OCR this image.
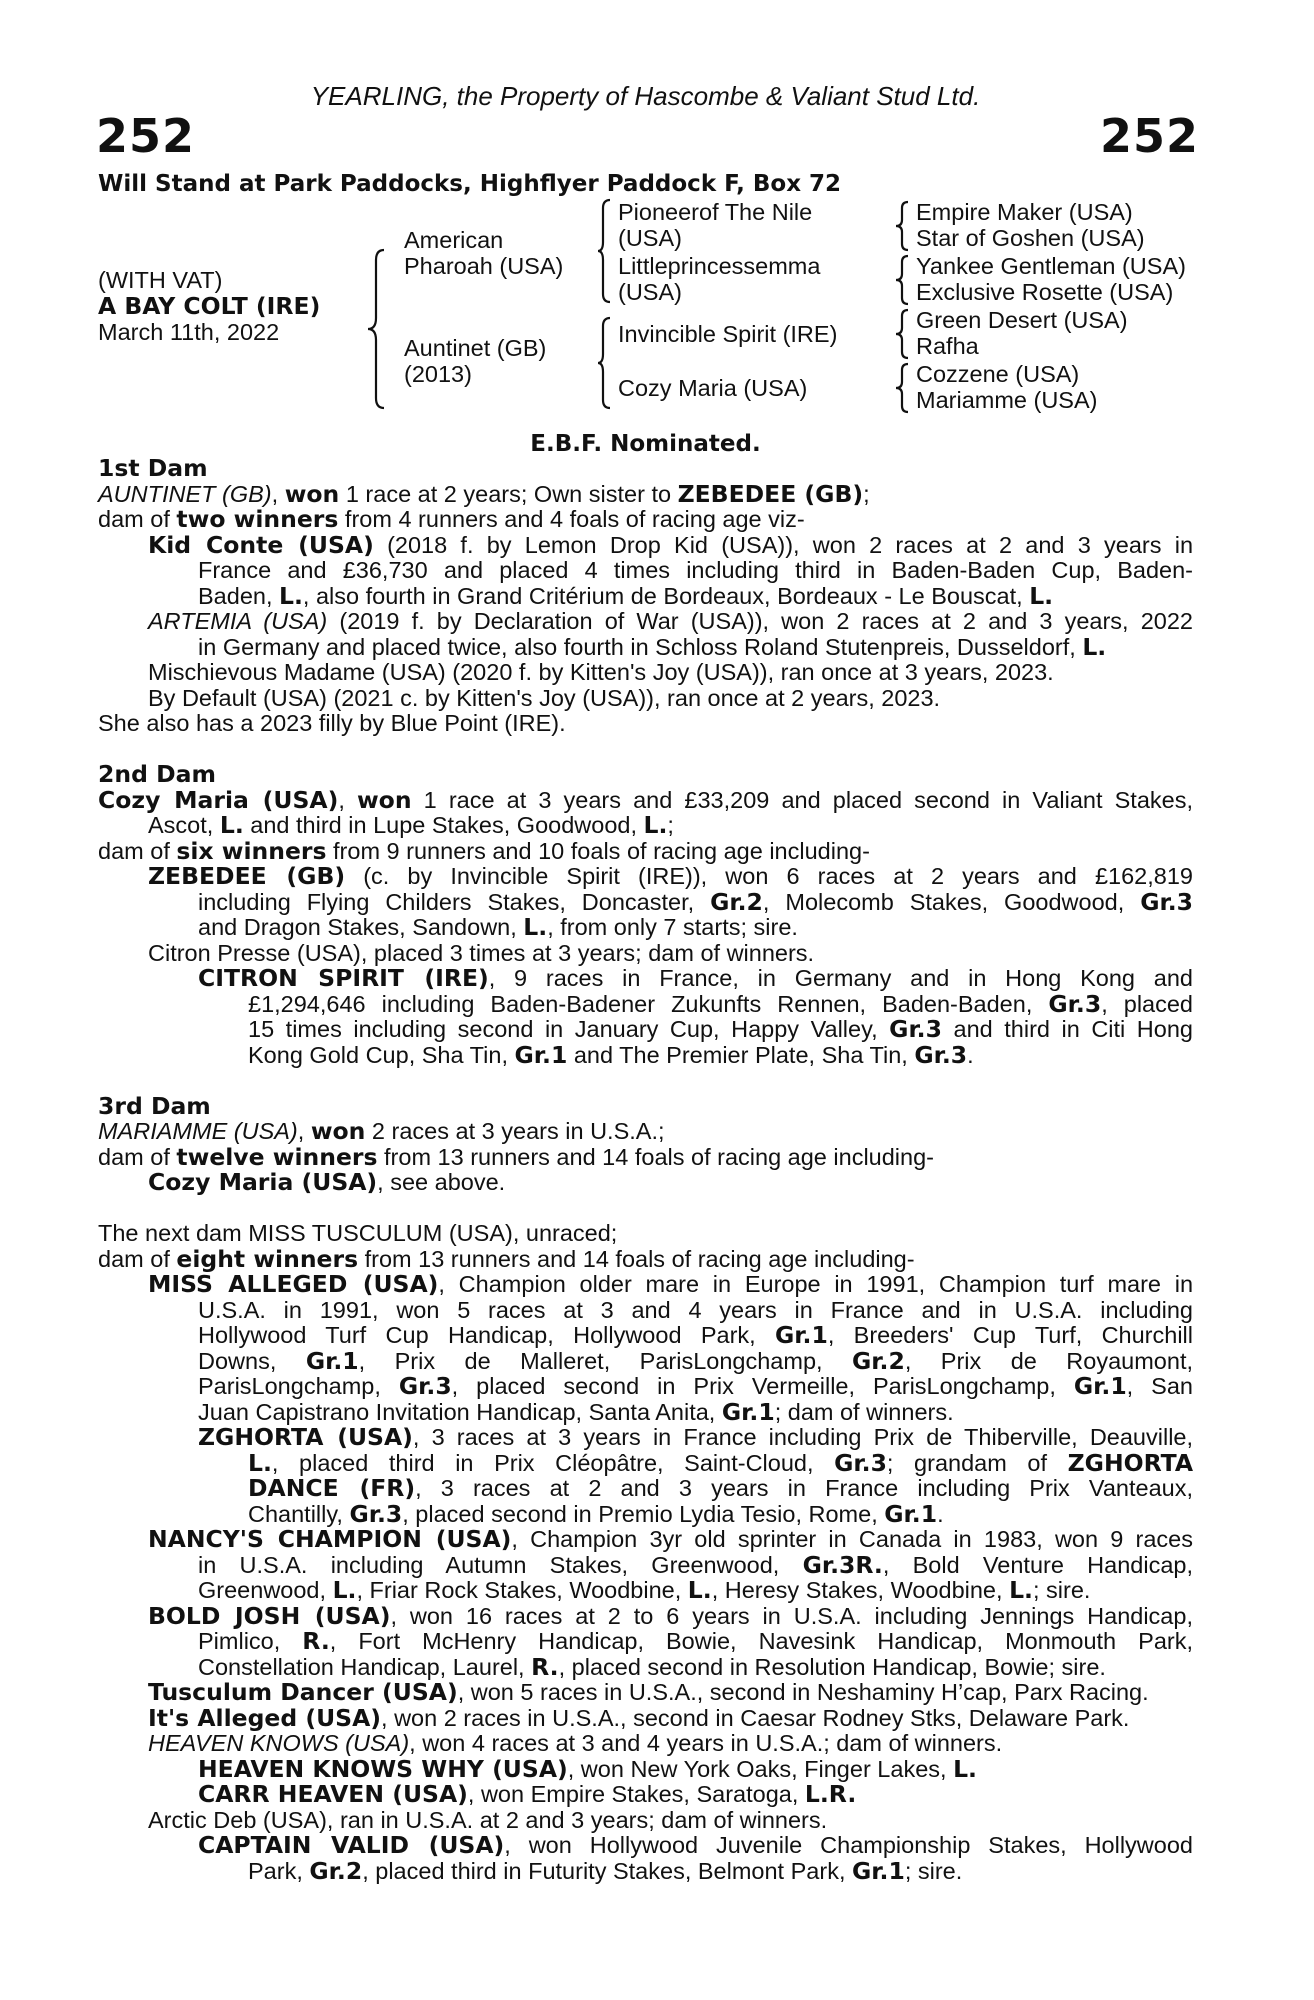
YEARLING, the Property of Hascombe & Valiant Stud Ltd.
252	252
Will Stand at Park Paddocks, Highflyer Paddock F, Box 72
(WITH VAT)
A BAY COLT (IRE)
March 11th, 2022
American
Pharoah (USA)
Auntinet (GB)
(2013)
Pioneerof The Nile
(USA)
Littleprincessemma
(USA)
Invincible Spirit (IRE)
Cozy Maria (USA)
Empire Maker (USA)
Star of Goshen (USA)
Yankee Gentleman (USA)
Exclusive Rosette (USA)
Green Desert (USA)
Rafha
Cozzene (USA)
Mariamme (USA)
E.B.F. Nominated.
1st Dam
AUNTINET (GB), won 1 race at 2 years; Own sister to ZEBEDEE (GB);
dam of two winners from 4 runners and 4 foals of racing age viz-
Kid Conte (USA) (2018 f. by Lemon Drop Kid (USA)), won 2 races at 2 and 3 years in
France and £36,730 and placed 4 times including third in Baden-Baden Cup, Baden-
Baden, L., also fourth in Grand Critérium de Bordeaux, Bordeaux - Le Bouscat, L.
ARTEMIA (USA) (2019 f. by Declaration of War (USA)), won 2 races at 2 and 3 years, 2022
in Germany and placed twice, also fourth in Schloss Roland Stutenpreis, Dusseldorf, L.
Mischievous Madame (USA) (2020 f. by Kitten's Joy (USA)), ran once at 3 years, 2023.
By Default (USA) (2021 c. by Kitten's Joy (USA)), ran once at 2 years, 2023.
She also has a 2023 filly by Blue Point (IRE).
2nd Dam
Cozy Maria (USA), won 1 race at 3 years and £33,209 and placed second in Valiant Stakes,
Ascot, L. and third in Lupe Stakes, Goodwood, L.;
dam of six winners from 9 runners and 10 foals of racing age including-
ZEBEDEE (GB) (c. by Invincible Spirit (IRE)), won 6 races at 2 years and £162,819
including Flying Childers Stakes, Doncaster, Gr.2, Molecomb Stakes, Goodwood, Gr.3
and Dragon Stakes, Sandown, L., from only 7 starts; sire.
Citron Presse (USA), placed 3 times at 3 years; dam of winners.
CITRON SPIRIT (IRE), 9 races in France, in Germany and in Hong Kong and
£1,294,646 including Baden-Badener Zukunfts Rennen, Baden-Baden, Gr.3, placed
15 times including second in January Cup, Happy Valley, Gr.3 and third in Citi Hong
Kong Gold Cup, Sha Tin, Gr.1 and The Premier Plate, Sha Tin, Gr.3.
3rd Dam
MARIAMME (USA), won 2 races at 3 years in U.S.A.;
dam of twelve winners from 13 runners and 14 foals of racing age including-
Cozy Maria (USA), see above.
The next dam MISS TUSCULUM (USA), unraced;
dam of eight winners from 13 runners and 14 foals of racing age including-
MISS ALLEGED (USA), Champion older mare in Europe in 1991, Champion turf mare in
U.S.A. in 1991, won 5 races at 3 and 4 years in France and in U.S.A. including
Hollywood Turf Cup Handicap, Hollywood Park, Gr.1, Breeders' Cup Turf, Churchill
Downs, Gr.1, Prix de Malleret, ParisLongchamp, Gr.2, Prix de Royaumont,
ParisLongchamp, Gr.3, placed second in Prix Vermeille, ParisLongchamp, Gr.1, San
Juan Capistrano Invitation Handicap, Santa Anita, Gr.1; dam of winners.
ZGHORTA (USA), 3 races at 3 years in France including Prix de Thiberville, Deauville,
L., placed third in Prix Cléopâtre, Saint-Cloud, Gr.3; grandam of ZGHORTA
DANCE (FR), 3 races at 2 and 3 years in France including Prix Vanteaux,
Chantilly, Gr.3, placed second in Premio Lydia Tesio, Rome, Gr.1.
NANCY'S CHAMPION (USA), Champion 3yr old sprinter in Canada in 1983, won 9 races
in U.S.A. including Autumn Stakes, Greenwood, Gr.3R., Bold Venture Handicap,
Greenwood, L., Friar Rock Stakes, Woodbine, L., Heresy Stakes, Woodbine, L.; sire.
BOLD JOSH (USA), won 16 races at 2 to 6 years in U.S.A. including Jennings Handicap,
Pimlico, R., Fort McHenry Handicap, Bowie, Navesink Handicap, Monmouth Park,
Constellation Handicap, Laurel, R., placed second in Resolution Handicap, Bowie; sire.
Tusculum Dancer (USA), won 5 races in U.S.A., second in Neshaminy H’cap, Parx Racing.
It's Alleged (USA), won 2 races in U.S.A., second in Caesar Rodney Stks, Delaware Park.
HEAVEN KNOWS (USA), won 4 races at 3 and 4 years in U.S.A.; dam of winners.
HEAVEN KNOWS WHY (USA), won New York Oaks, Finger Lakes, L.
CARR HEAVEN (USA), won Empire Stakes, Saratoga, L.R.
Arctic Deb (USA), ran in U.S.A. at 2 and 3 years; dam of winners.
CAPTAIN VALID (USA), won Hollywood Juvenile Championship Stakes, Hollywood
Park, Gr.2, placed third in Futurity Stakes, Belmont Park, Gr.1; sire.
